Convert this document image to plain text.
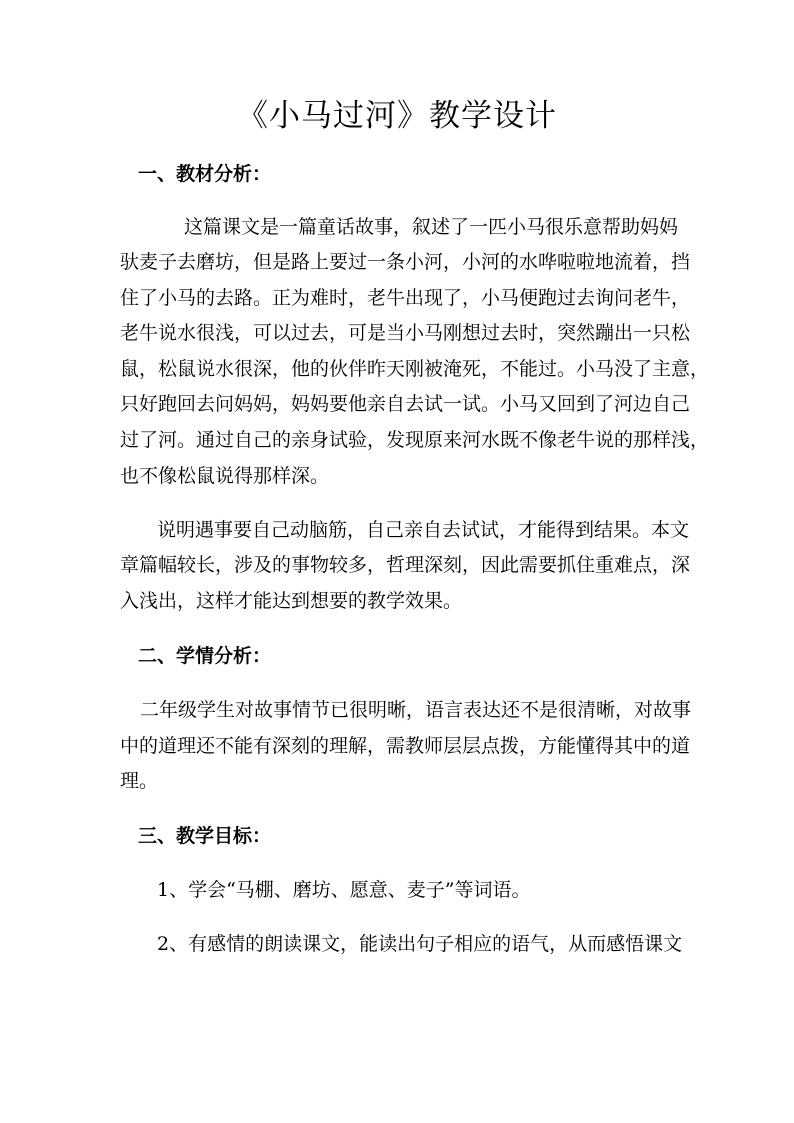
《小马过河》教学设计
一、教材分析：
这篇课文是一篇童话故事，叙述了一匹小马很乐意帮助妈妈
驮麦子去磨坊，但是路上要过一条小河，小河的水哗啦啦地流着，挡
住了小马的去路。正为难时，老牛出现了，小马便跑过去询问老牛，
老牛说水很浅，可以过去，可是当小马刚想过去时，突然蹦出一只松
鼠，松鼠说水很深，他的伙伴昨天刚被淹死，不能过。小马没了主意，
只好跑回去问妈妈，妈妈要他亲自去试一试。小马又回到了河边自己
过了河。通过自己的亲身试验，发现原来河水既不像老牛说的那样浅，
也不像松鼠说得那样深。
说明遇事要自己动脑筋，自己亲自去试试，才能得到结果。本文
章篇幅较长，涉及的事物较多，哲理深刻，因此需要抓住重难点，深
入浅出，这样才能达到想要的教学效果。
二、学情分析：
二年级学生对故事情节已很明晰，语言表达还不是很清晰，对故事
中的道理还不能有深刻的理解，需教师层层点拨，方能懂得其中的道
理。
三、教学目标：
1、学会“马棚、磨坊、愿意、麦子”等词语。
2、有感情的朗读课文，能读出句子相应的语气，从而感悟课文
